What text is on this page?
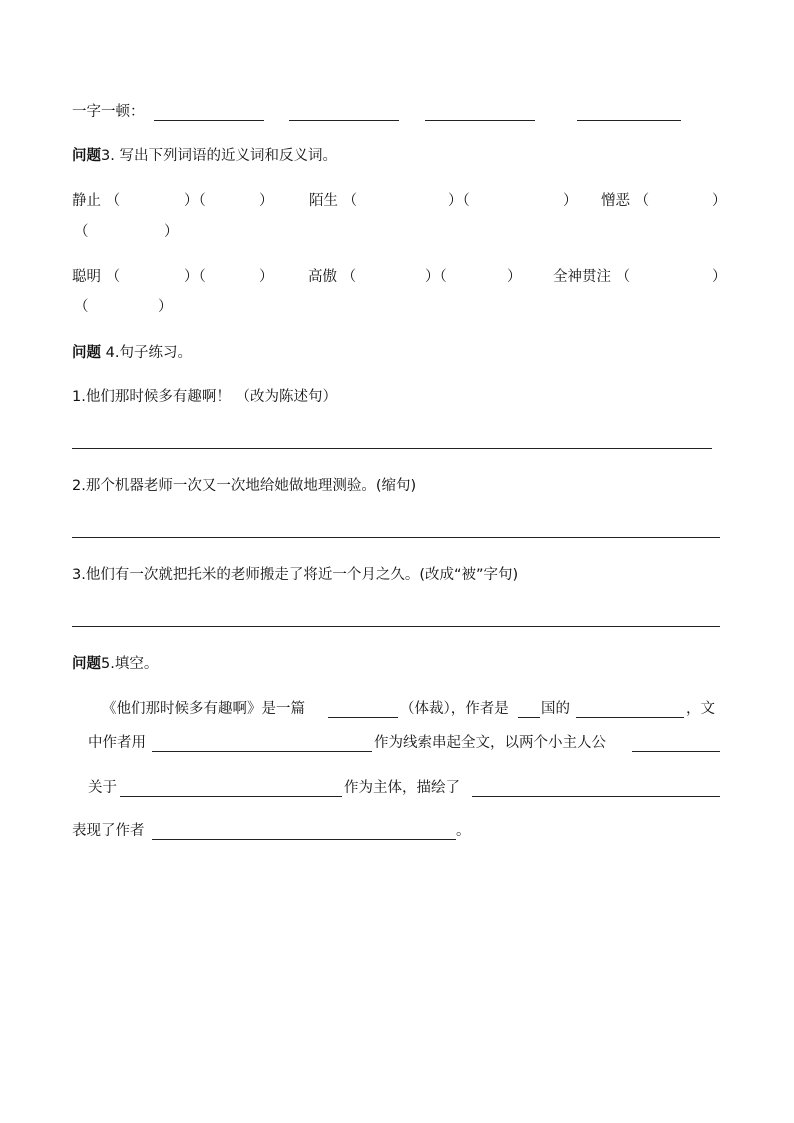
一字一顿：
问题3. 写出下列词语的近义词和反义词。
静止 （	）（	） 陌生 （	）（	） 憎恶 （	）
（	）
聪明 （	）（	） 高傲 （	）（	） 全神贯注 （	）
（	）
问题 4.句子练习。
1.他们那时候多有趣啊！ （改为陈述句）
2.那个机器老师一次又一次地给她做地理测验。(缩句)
3.他们有一次就把托米的老师搬走了将近一个月之久。(改成“被”字句)
问题5.填空。
《他们那时候多有趣啊》是一篇	（体裁），作者是 国的	，文
中作者用	作为线索串起全文，以两个小主人公
关于	作为主体，描绘了
表现了作者	。
